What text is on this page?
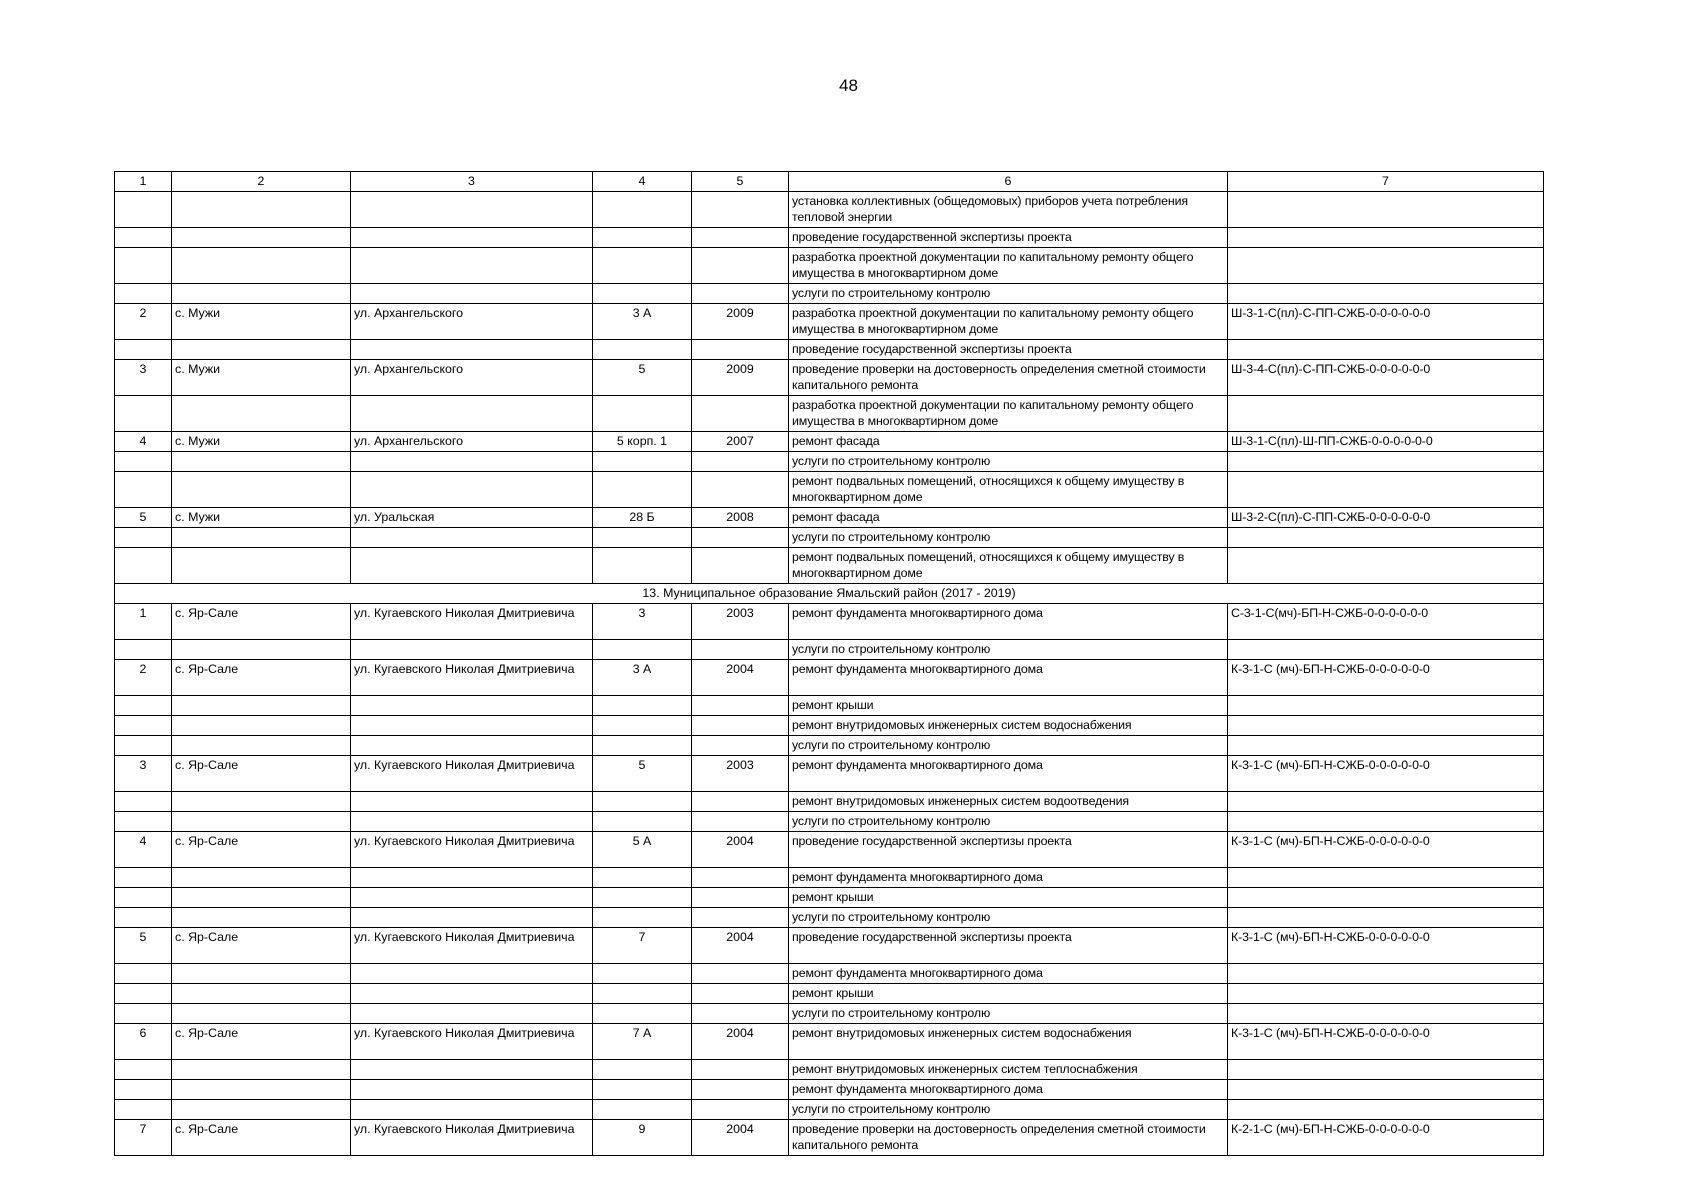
48
1	2	3	4	5	6	7
					установка коллективных (общедомовых) приборов учета потребления тепловой энергии	
					проведение государственной экспертизы проекта	
					разработка проектной документации по капитальному ремонту общего имущества в многоквартирном доме	
					услуги по строительному контролю	
2	с. Мужи	ул. Архангельского	3 А	2009	разработка проектной документации по капитальному ремонту общего имущества в многоквартирном доме	Ш-3-1-С(пл)-С-ПП-СЖБ-0-0-0-0-0-0
					проведение государственной экспертизы проекта	
3	с. Мужи	ул. Архангельского	5	2009	проведение проверки на достоверность определения сметной стоимости капитального ремонта	Ш-3-4-С(пл)-С-ПП-СЖБ-0-0-0-0-0-0
					разработка проектной документации по капитальному ремонту общего имущества в многоквартирном доме	
4	с. Мужи	ул. Архангельского	5 корп. 1	2007	ремонт фасада	Ш-3-1-С(пл)-Ш-ПП-СЖБ-0-0-0-0-0-0
					услуги по строительному контролю	
					ремонт подвальных помещений, относящихся к общему имуществу в многоквартирном доме	
5	с. Мужи	ул. Уральская	28 Б	2008	ремонт фасада	Ш-3-2-С(пл)-С-ПП-СЖБ-0-0-0-0-0-0
					услуги по строительному контролю	
					ремонт подвальных помещений, относящихся к общему имуществу в многоквартирном доме	
13. Муниципальное образование Ямальский район (2017 - 2019)						
1	с. Яр-Сале	ул. Кугаевского Николая Дмитриевича	3	2003	ремонт фундамента многоквартирного дома	С-3-1-С(мч)-БП-Н-СЖБ-0-0-0-0-0-0
					услуги по строительному контролю	
2	с. Яр-Сале	ул. Кугаевского Николая Дмитриевича	3 А	2004	ремонт фундамента многоквартирного дома	К-3-1-С (мч)-БП-Н-СЖБ-0-0-0-0-0-0
					ремонт крыши	
					ремонт внутридомовых инженерных систем водоснабжения	
					услуги по строительному контролю	
3	с. Яр-Сале	ул. Кугаевского Николая Дмитриевича	5	2003	ремонт фундамента многоквартирного дома	К-3-1-С (мч)-БП-Н-СЖБ-0-0-0-0-0-0
					ремонт внутридомовых инженерных систем водоотведения	
					услуги по строительному контролю	
4	с. Яр-Сале	ул. Кугаевского Николая Дмитриевича	5 А	2004	проведение государственной экспертизы проекта	К-3-1-С (мч)-БП-Н-СЖБ-0-0-0-0-0-0
					ремонт фундамента многоквартирного дома	
					ремонт крыши	
					услуги по строительному контролю	
5	с. Яр-Сале	ул. Кугаевского Николая Дмитриевича	7	2004	проведение государственной экспертизы проекта	К-3-1-С (мч)-БП-Н-СЖБ-0-0-0-0-0-0
					ремонт фундамента многоквартирного дома	
					ремонт крыши	
					услуги по строительному контролю	
6	с. Яр-Сале	ул. Кугаевского Николая Дмитриевича	7 А	2004	ремонт внутридомовых инженерных систем водоснабжения	К-3-1-С (мч)-БП-Н-СЖБ-0-0-0-0-0-0
					ремонт внутридомовых инженерных систем теплоснабжения	
					ремонт фундамента многоквартирного дома	
					услуги по строительному контролю	
7	с. Яр-Сале	ул. Кугаевского Николая Дмитриевича	9	2004	проведение проверки на достоверность определения сметной стоимости капитального ремонта	К-2-1-С (мч)-БП-Н-СЖБ-0-0-0-0-0-0
